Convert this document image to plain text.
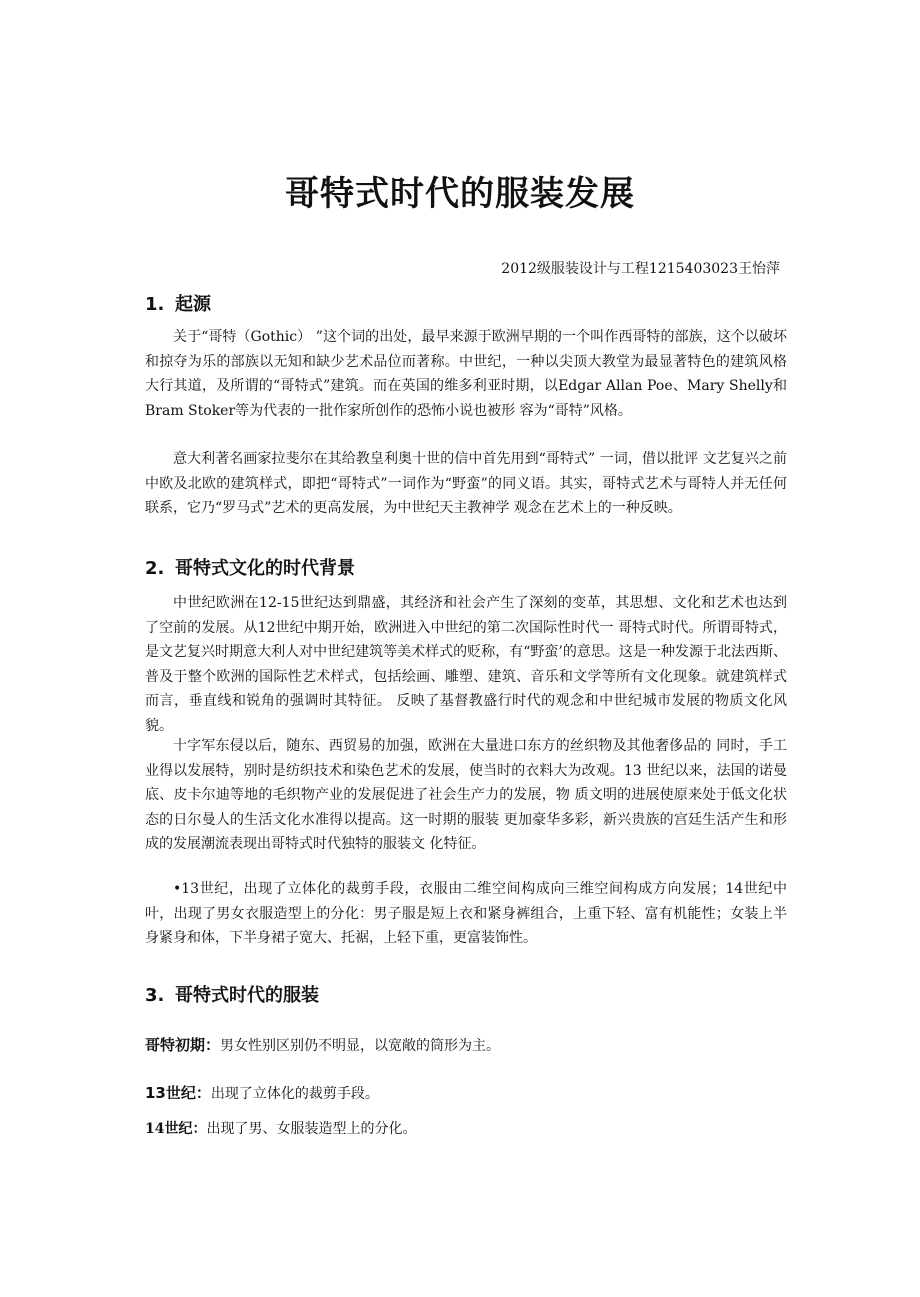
哥特式时代的服装发展
2012级服装设计与工程1215403023王怡萍
1. 起源

关于“哥特（Gothic） ”这个词的出处，最早来源于欧洲早期的一个叫作西哥特的部族，这个以破坏和掠夺为乐的部族以无知和缺少艺术品位而著称。中世纪，一种以尖顶大教堂为最显著特色的建筑风格大行其道，及所谓的“哥特式”建筑。而在英国的维多利亚时期，以Edgar Allan Poe、Mary Shelly和Bram Stoker等为代表的一批作家所创作的恐怖小说也被形 容为“哥特”风格。

意大利著名画家拉斐尔在其给教皇利奥十世的信中首先用到“哥特式” 一词，借以批评 文艺复兴之前中欧及北欧的建筑样式，即把“哥特式”一词作为“野蛮”的同义语。其实，哥特式艺术与哥特人并无任何联系，它乃“罗马式”艺术的更高发展，为中世纪天主教神学 观念在艺术上的一种反映。

2. 哥特式文化的时代背景

中世纪欧洲在12-15世纪达到鼎盛，其经济和社会产生了深刻的变革，其思想、文化和艺术也达到了空前的发展。从12世纪中期开始，欧洲进入中世纪的第二次国际性时代一 哥特式时代。所谓哥特式，是文艺复兴时期意大利人对中世纪建筑等美术样式的贬称，有“野蛮’的意思。这是一种发源于北法西斯、普及于整个欧洲的国际性艺术样式，包括绘画、雕塑、建筑、音乐和文学等所有文化现象。就建筑样式而言，垂直线和锐角的强调时其特征。 反映了基督教盛行时代的观念和中世纪城市发展的物质文化风貌。

十字军东侵以后，随东、西贸易的加强，欧洲在大量进口东方的丝织物及其他奢侈品的 同时，手工业得以发展特，别时是纺织技术和染色艺术的发展，使当时的衣料大为改观。13 世纪以来，法国的诺曼底、皮卡尔迪等地的毛织物产业的发展促进了社会生产力的发展，物 质文明的进展使原来处于低文化状态的日尔曼人的生活文化水准得以提高。这一时期的服装 更加豪华多彩，新兴贵族的宫廷生活产生和形成的发展潮流表现出哥特式时代独特的服装文 化特征。

•13世纪，出现了立体化的裁剪手段，衣服由二维空间构成向三维空间构成方向发展；14世纪中叶，出现了男女衣服造型上的分化：男子服是短上衣和紧身裤组合，上重下轻、富有机能性；女装上半身紧身和体，下半身裙子宽大、托裾，上轻下重，更富装饰性。

3. 哥特式时代的服装
哥特初期：男女性别区别仍不明显，以宽敞的筒形为主。
13世纪：出现了立体化的裁剪手段。
14世纪：出现了男、女服装造型上的分化。
